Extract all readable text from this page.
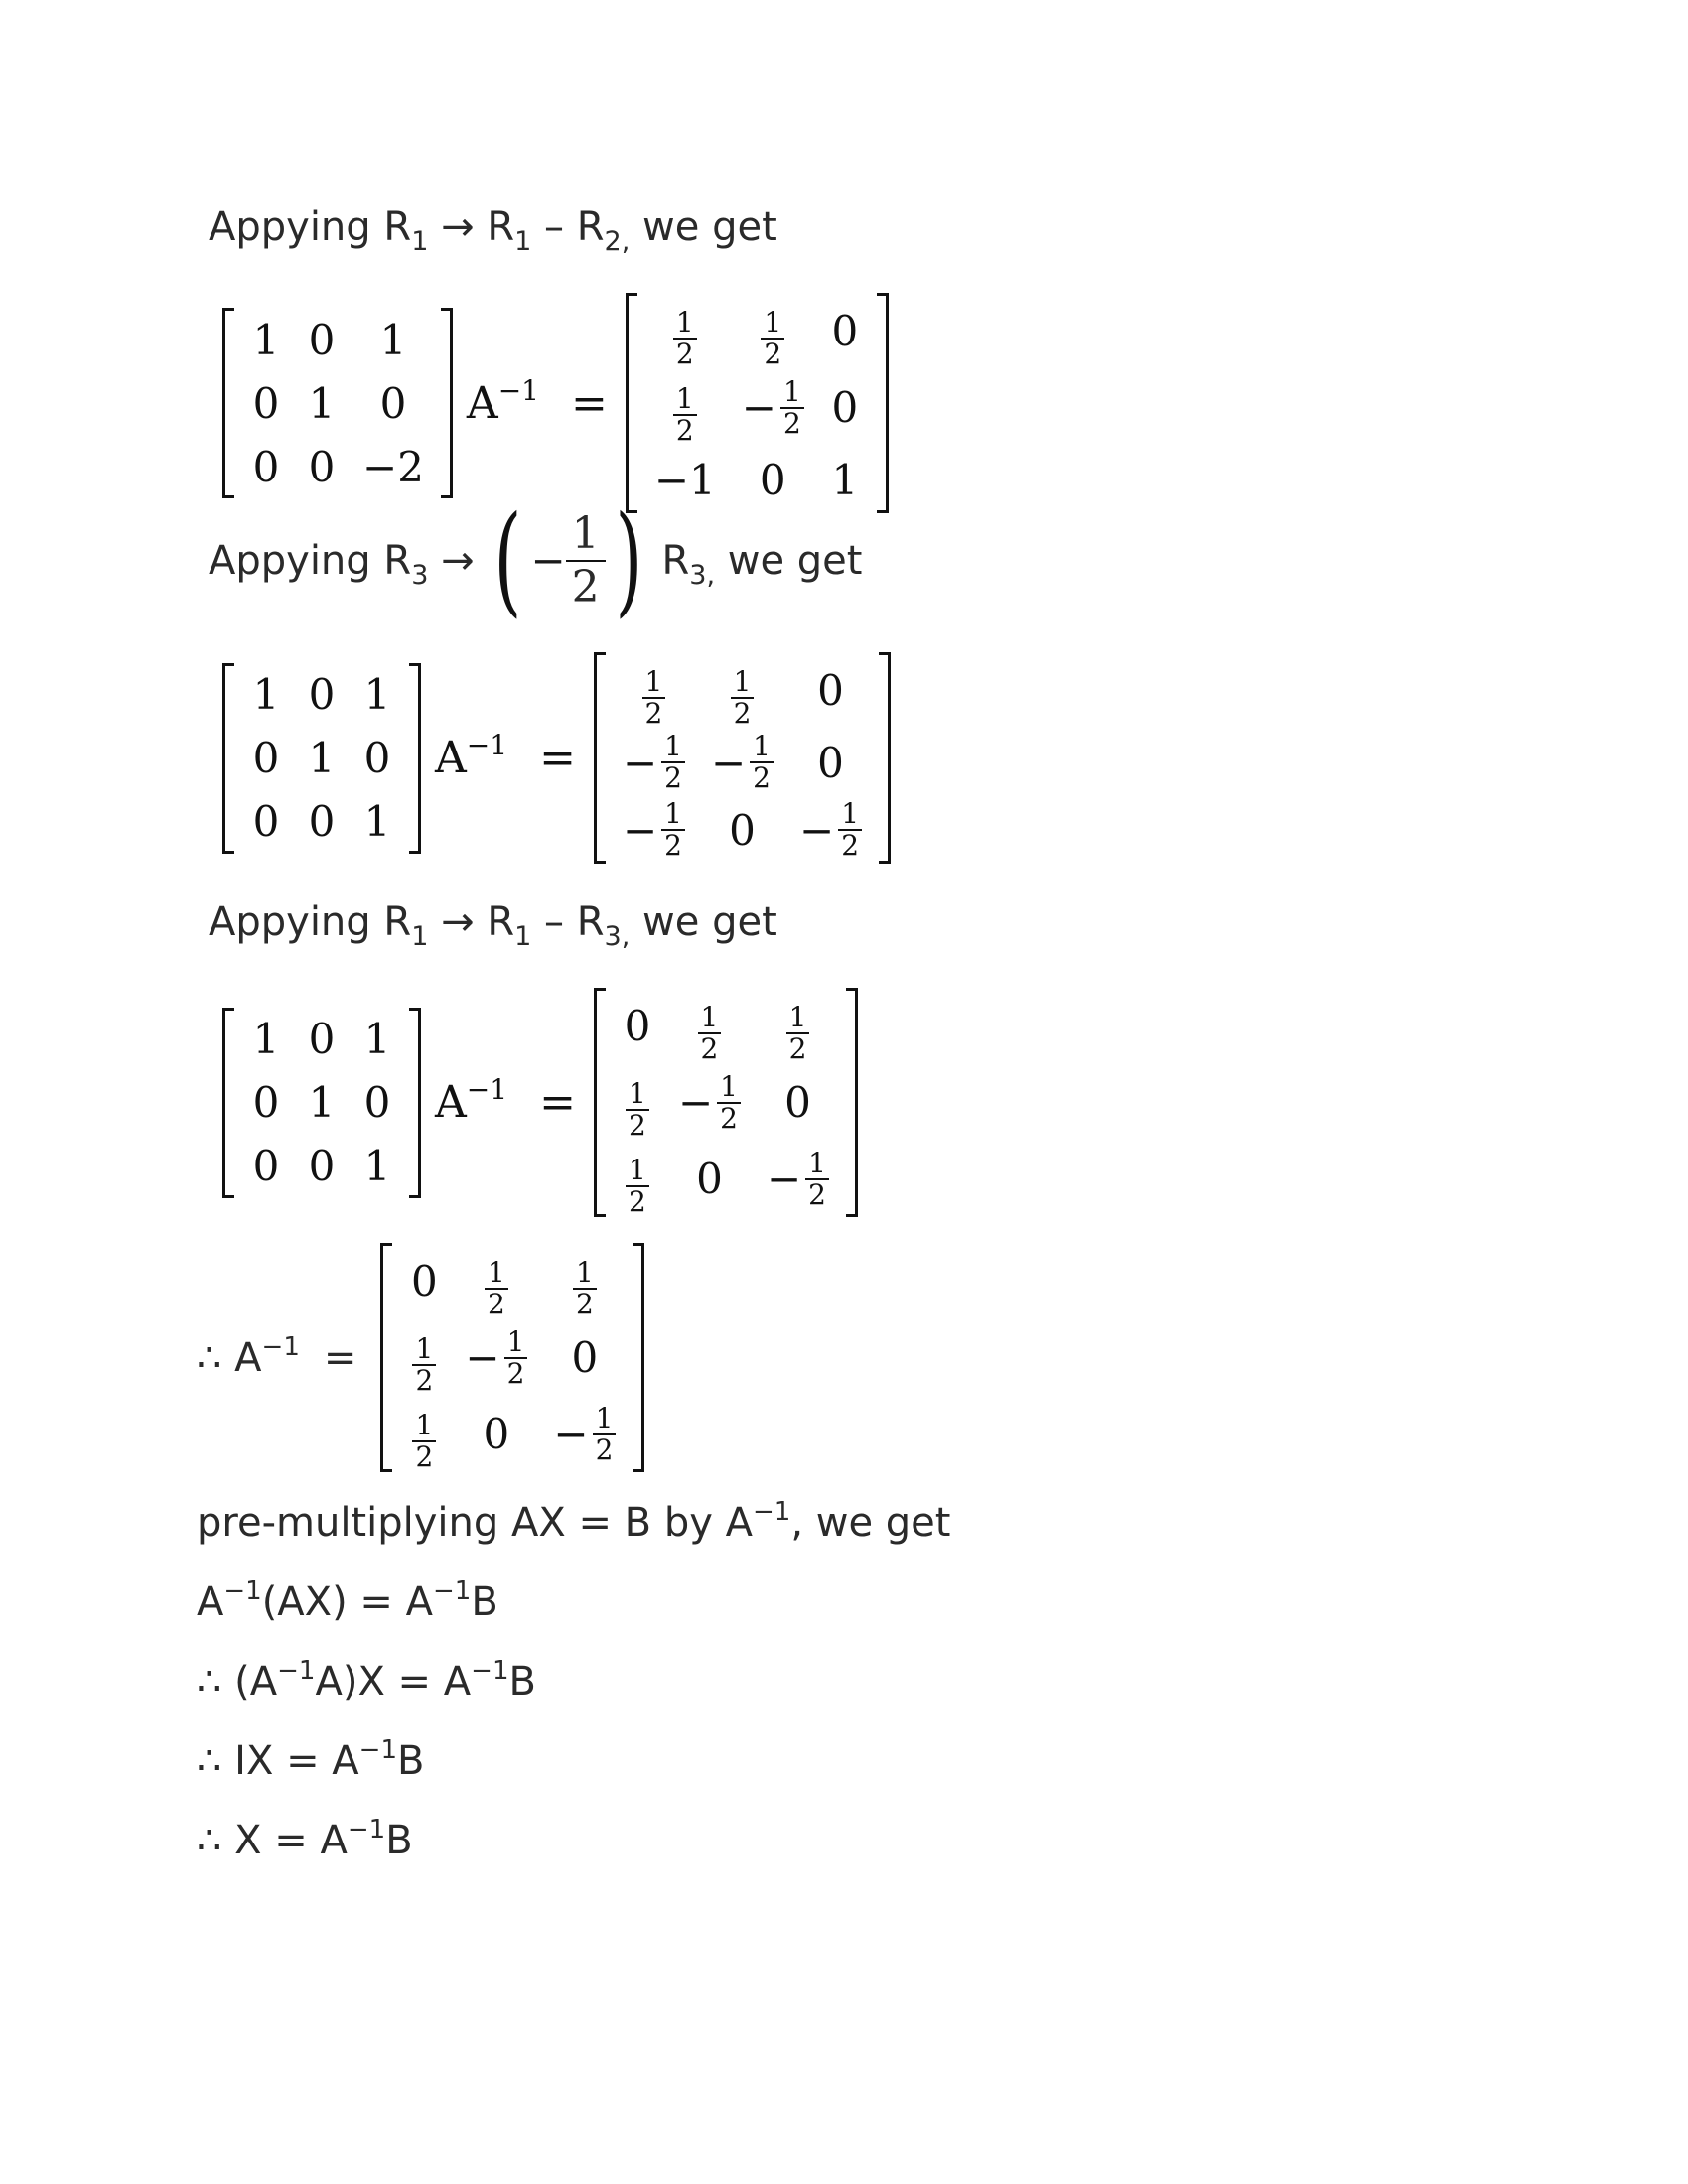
Appying $R_1 \to R_1 - R_{2,}$ we get
1	0	1
0	1	0
0	0	−2
$A^{-1}$ =
$\frac{1}{2}$	$\frac{1}{2}$	0

$\frac{1}{2}$	− $\frac{1}{2}$	0
−1	0	1
Appying $R_3$ → ( − $\frac{1}{2}$ ) $R_{3,}$ we get
1	0	1
0	1	0
0	0	1
$A^{-1}$ =
$\frac{1}{2}$	$\frac{1}{2}$	0

− $\frac{1}{2}$	− $\frac{1}{2}$	0

− $\frac{1}{2}$	0	− $\frac{1}{2}$
Appying $R_1 \to R_1 - R_{3,}$ we get
1	0	1
0	1	0
0	0	1
$A^{-1}$ =
0	$\frac{1}{2}$	$\frac{1}{2}$

$\frac{1}{2}$	− $\frac{1}{2}$	0

$\frac{1}{2}$	0	− $\frac{1}{2}$
∴ $A^{-1}$ =
0	$\frac{1}{2}$	$\frac{1}{2}$

$\frac{1}{2}$	− $\frac{1}{2}$	0

$\frac{1}{2}$	0	− $\frac{1}{2}$
pre-multiplying AX = B by $A^{-1}$, we get
$A^{-1}(AX) = A^{-1}B$
∴ $(A^{-1}A)X = A^{-1}B$
∴ IX = $A^{-1}B$
∴ $X = A^{-1}B$
